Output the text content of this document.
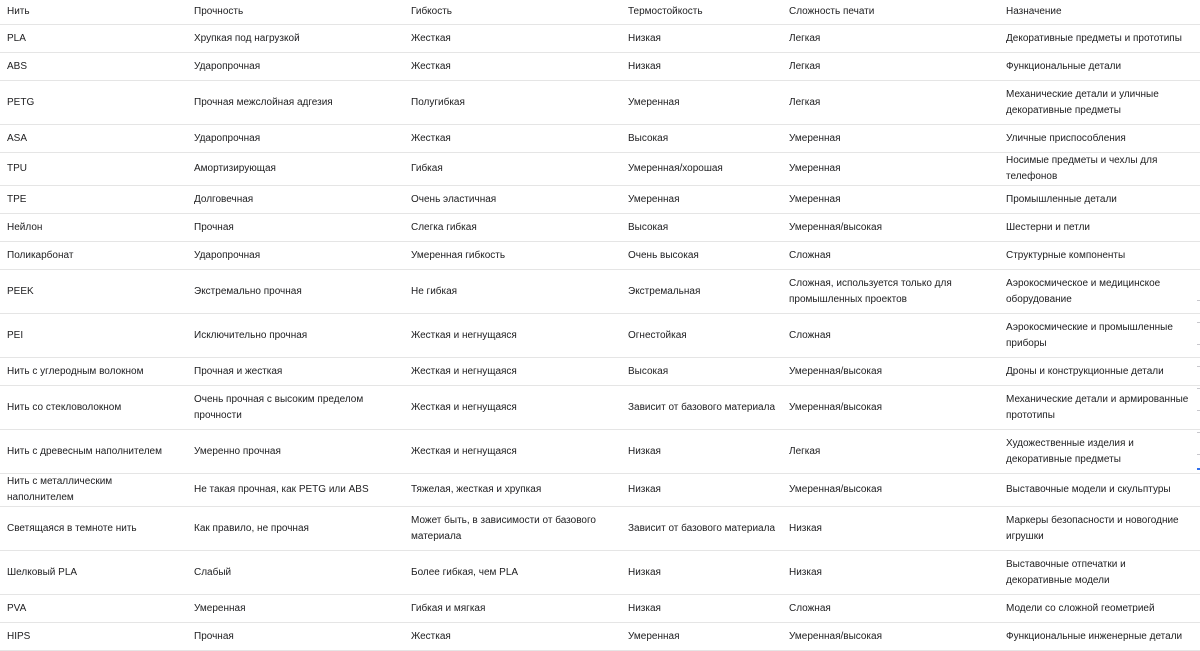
Нить	Прочность	Гибкость	Термостойкость	Сложность печати	Назначение
PLA	Хрупкая под нагрузкой	Жесткая	Низкая	Легкая	Декоративные предметы и прототипы
ABS	Ударопрочная	Жесткая	Низкая	Легкая	Функциональные детали
PETG	Прочная межслойная адгезия	Полугибкая	Умеренная	Легкая	Механические детали и уличные декоративные предметы
ASA	Ударопрочная	Жесткая	Высокая	Умеренная	Уличные приспособления
TPU	Амортизирующая	Гибкая	Умеренная/хорошая	Умеренная	Носимые предметы и чехлы для телефонов
TPE	Долговечная	Очень эластичная	Умеренная	Умеренная	Промышленные детали
Нейлон	Прочная	Слегка гибкая	Высокая	Умеренная/высокая	Шестерни и петли
Поликарбонат	Ударопрочная	Умеренная гибкость	Очень высокая	Сложная	Структурные компоненты
PEEK	Экстремально прочная	Не гибкая	Экстремальная	Сложная, используется только для промышленных проектов	Аэрокосмическое и медицинское оборудование
PEI	Исключительно прочная	Жесткая и негнущаяся	Огнестойкая	Сложная	Аэрокосмические и промышленные приборы
Нить с углеродным волокном	Прочная и жесткая	Жесткая и негнущаяся	Высокая	Умеренная/высокая	Дроны и конструкционные детали
Нить со стекловолокном	Очень прочная с высоким пределом прочности	Жесткая и негнущаяся	Зависит от базового материала	Умеренная/высокая	Механические детали и армированные прототипы
Нить с древесным наполнителем	Умеренно прочная	Жесткая и негнущаяся	Низкая	Легкая	Художественные изделия и декоративные предметы
Нить с металлическим наполнителем	Не такая прочная, как PETG или ABS	Тяжелая, жесткая и хрупкая	Низкая	Умеренная/высокая	Выставочные модели и скульптуры
Светящаяся в темноте нить	Как правило, не прочная	Может быть, в зависимости от базового материала	Зависит от базового материала	Низкая	Маркеры безопасности и новогодние игрушки
Шелковый PLA	Слабый	Более гибкая, чем PLA	Низкая	Низкая	Выставочные отпечатки и декоративные модели
PVA	Умеренная	Гибкая и мягкая	Низкая	Сложная	Модели со сложной геометрией
HIPS	Прочная	Жесткая	Умеренная	Умеренная/высокая	Функциональные инженерные детали
